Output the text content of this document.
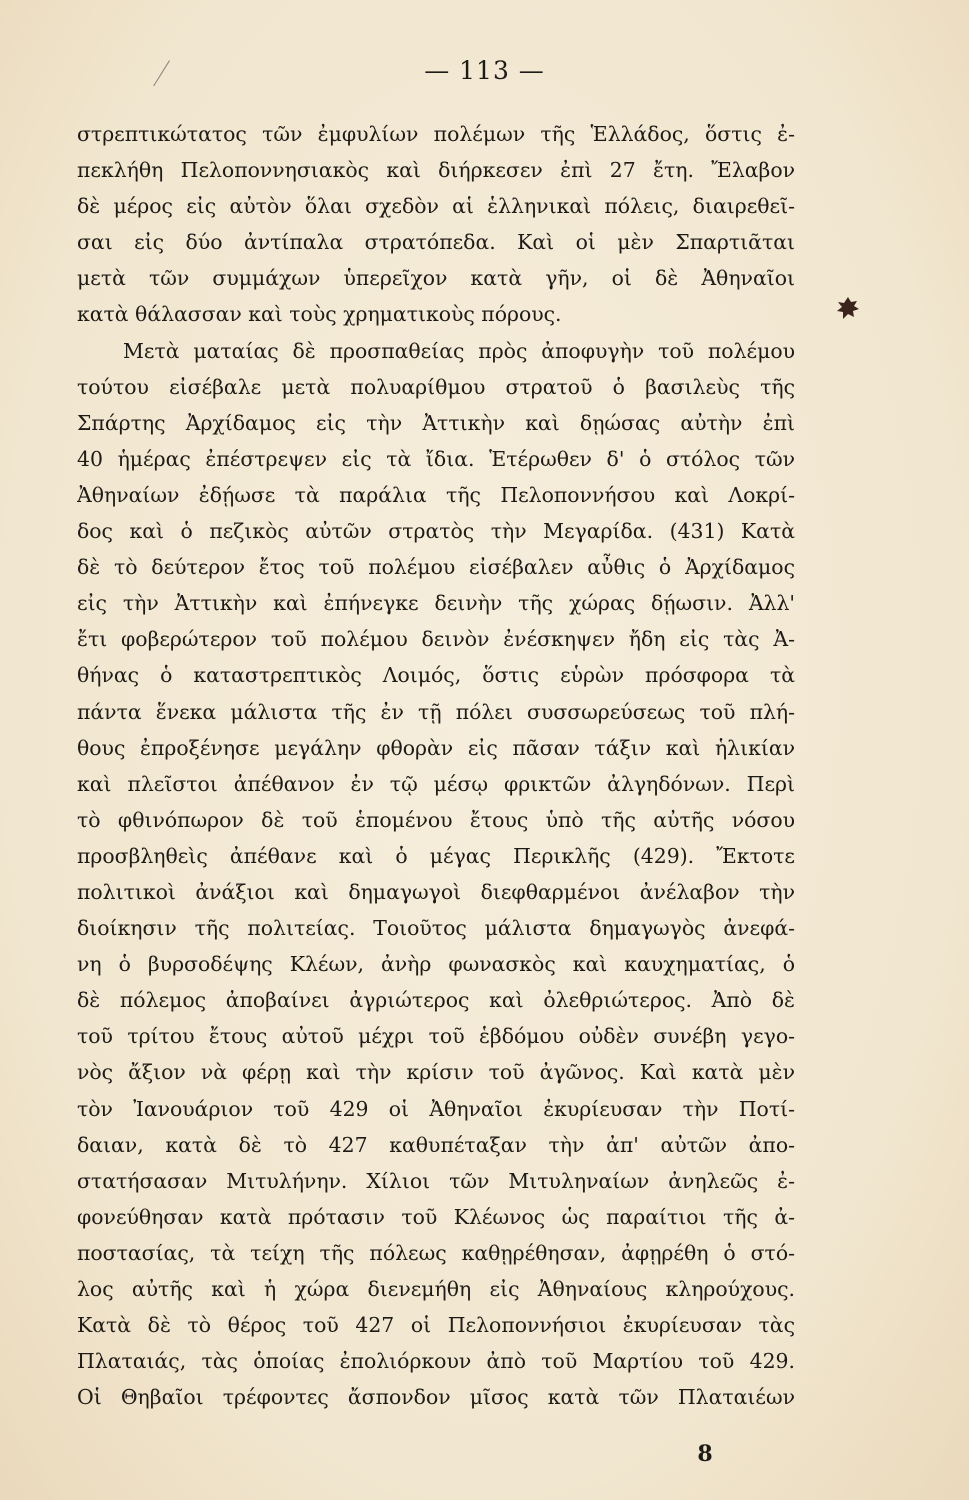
— 113 —
στρεπτικώτατος τῶν ἐμφυλίων πολέμων τῆς Ἑλλάδος, ὅστις ἐ-
πεκλήθη Πελοποννησιακὸς καὶ διήρκεσεν ἐπὶ 27 ἔτη. Ἔλαβον
δὲ μέρος εἰς αὐτὸν ὅλαι σχεδὸν αἱ ἑλληνικαὶ πόλεις, διαιρεθεῖ-
σαι εἰς δύο ἀντίπαλα στρατόπεδα. Καὶ οἱ μὲν Σπαρτιᾶται
μετὰ τῶν συμμάχων ὑπερεῖχον κατὰ γῆν, οἱ δὲ Ἀθηναῖοι
κατὰ θάλασσαν καὶ τοὺς χρηματικοὺς πόρους.
Μετὰ ματαίας δὲ προσπαθείας πρὸς ἀποφυγὴν τοῦ πολέμου
τούτου εἰσέβαλε μετὰ πολυαρίθμου στρατοῦ ὁ βασιλεὺς τῆς
Σπάρτης Ἀρχίδαμος εἰς τὴν Ἀττικὴν καὶ δῃώσας αὐτὴν ἐπὶ
40 ἡμέρας ἐπέστρεψεν εἰς τὰ ἴδια. Ἑτέρωθεν δ' ὁ στόλος τῶν
Ἀθηναίων ἐδῄωσε τὰ παράλια τῆς Πελοποννήσου καὶ Λοκρί-
δος καὶ ὁ πεζικὸς αὐτῶν στρατὸς τὴν Μεγαρίδα. (431) Κατὰ
δὲ τὸ δεύτερον ἔτος τοῦ πολέμου εἰσέβαλεν αὖθις ὁ Ἀρχίδαμος
εἰς τὴν Ἀττικὴν καὶ ἐπήνεγκε δεινὴν τῆς χώρας δῄωσιν. Ἀλλ'
ἔτι φοβερώτερον τοῦ πολέμου δεινὸν ἐνέσκηψεν ἤδη εἰς τὰς Ἀ-
θήνας ὁ καταστρεπτικὸς Λοιμός, ὅστις εὑρὼν πρόσφορα τὰ
πάντα ἕνεκα μάλιστα τῆς ἐν τῇ πόλει συσσωρεύσεως τοῦ πλή-
θους ἐπροξένησε μεγάλην φθορὰν εἰς πᾶσαν τάξιν καὶ ἡλικίαν
καὶ πλεῖστοι ἀπέθανον ἐν τῷ μέσῳ φρικτῶν ἀλγηδόνων. Περὶ
τὸ φθινόπωρον δὲ τοῦ ἑπομένου ἔτους ὑπὸ τῆς αὐτῆς νόσου
προσβληθεὶς ἀπέθανε καὶ ὁ μέγας Περικλῆς (429). Ἔκτοτε
πολιτικοὶ ἀνάξιοι καὶ δημαγωγοὶ διεφθαρμένοι ἀνέλαβον τὴν
διοίκησιν τῆς πολιτείας. Τοιοῦτος μάλιστα δημαγωγὸς ἀνεφά-
νη ὁ βυρσοδέψης Κλέων, ἀνὴρ φωνασκὸς καὶ καυχηματίας, ὁ
δὲ πόλεμος ἀποβαίνει ἀγριώτερος καὶ ὀλεθριώτερος. Ἀπὸ δὲ
τοῦ τρίτου ἔτους αὐτοῦ μέχρι τοῦ ἑβδόμου οὐδὲν συνέβη γεγο-
νὸς ἄξιον νὰ φέρῃ καὶ τὴν κρίσιν τοῦ ἀγῶνος. Καὶ κατὰ μὲν
τὸν Ἰανουάριον τοῦ 429 οἱ Ἀθηναῖοι ἐκυρίευσαν τὴν Ποτί-
δαιαν, κατὰ δὲ τὸ 427 καθυπέταξαν τὴν ἀπ' αὐτῶν ἀπο-
στατήσασαν Μιτυλήνην. Χίλιοι τῶν Μιτυληναίων ἀνηλεῶς ἐ-
φονεύθησαν κατὰ πρότασιν τοῦ Κλέωνος ὡς παραίτιοι τῆς ἀ-
ποστασίας, τὰ τείχη τῆς πόλεως καθῃρέθησαν, ἀφῃρέθη ὁ στό-
λος αὐτῆς καὶ ἡ χώρα διενεμήθη εἰς Ἀθηναίους κληρούχους.
Κατὰ δὲ τὸ θέρος τοῦ 427 οἱ Πελοποννήσιοι ἐκυρίευσαν τὰς
Πλαταιάς, τὰς ὁποίας ἐπολιόρκουν ἀπὸ τοῦ Μαρτίου τοῦ 429.
Οἱ Θηβαῖοι τρέφοντες ἄσπονδον μῖσος κατὰ τῶν Πλαταιέων
8
